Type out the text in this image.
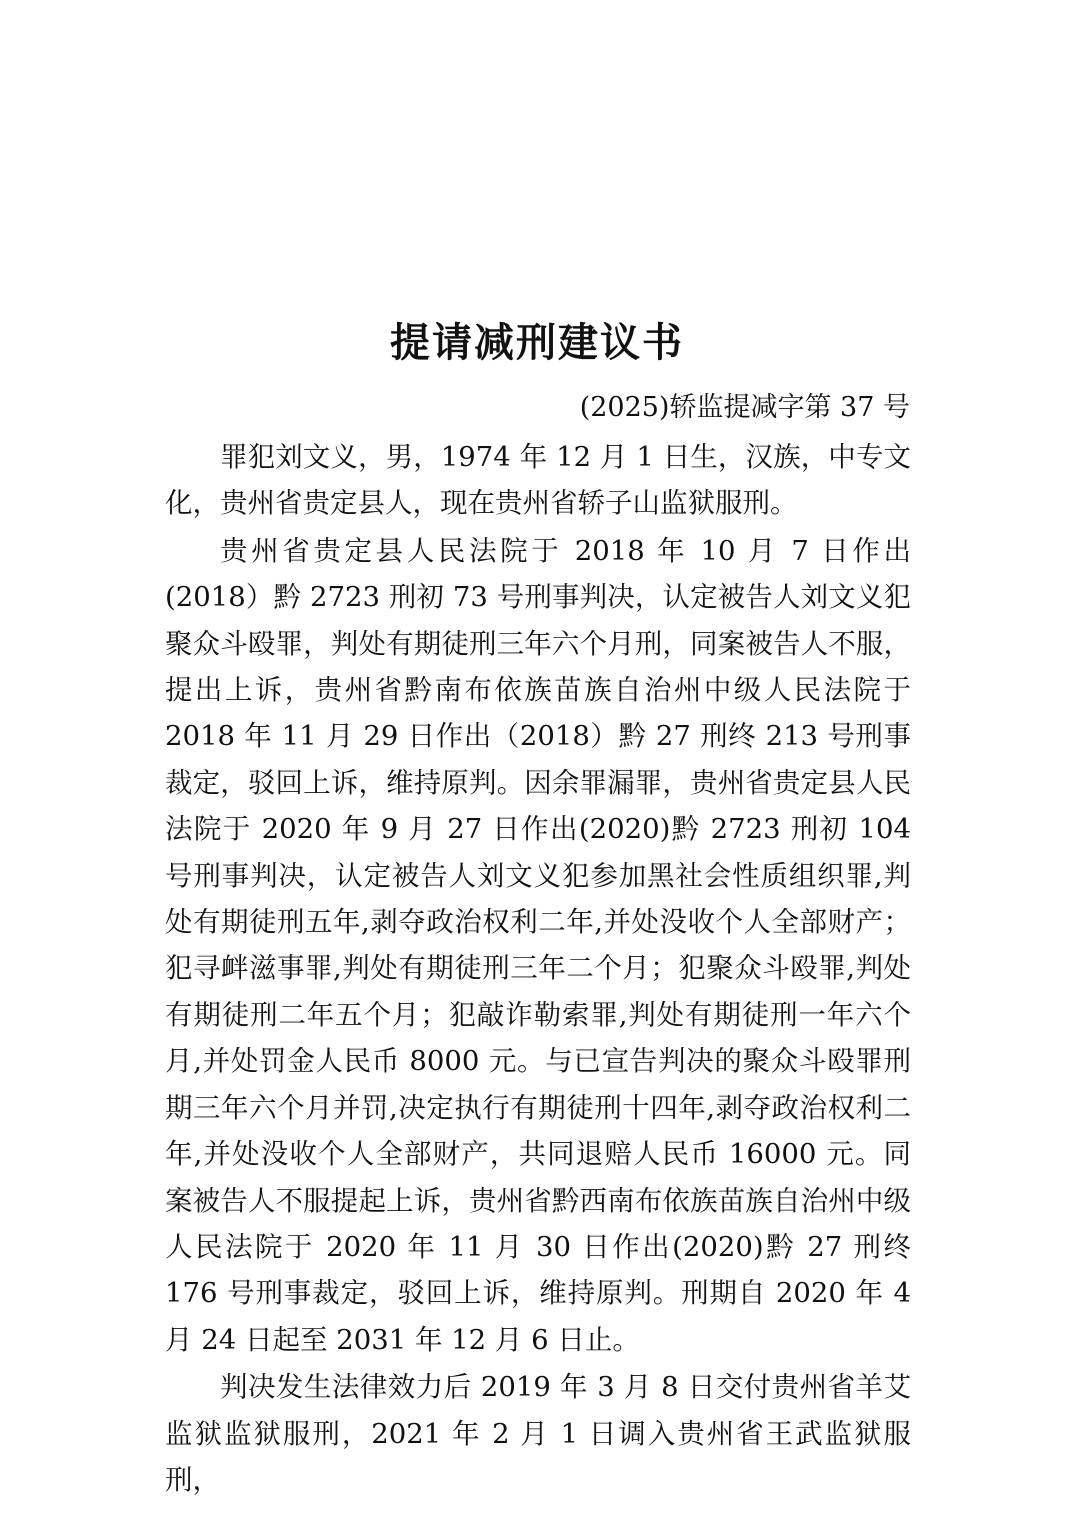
提请减刑建议书
(2025)轿监提减字第 37 号

罪犯刘文义，男，1974 年 12 月 1 日生，汉族，中专文化，贵州省贵定县人，现在贵州省轿子山监狱服刑。

贵州省贵定县人民法院于 2018 年 10 月 7 日作出(2018）黔 2723 刑初 73 号刑事判决，认定被告人刘文义犯聚众斗殴罪，判处有期徒刑三年六个月刑，同案被告人不服，提出上诉，贵州省黔南布依族苗族自治州中级人民法院于 2018 年 11 月 29 日作出（2018）黔 27 刑终 213 号刑事裁定，驳回上诉，维持原判。因余罪漏罪，贵州省贵定县人民法院于 2020 年 9 月 27 日作出(2020)黔 2723 刑初 104 号刑事判决，认定被告人刘文义犯参加黑社会性质组织罪,判处有期徒刑五年,剥夺政治权利二年,并处没收个人全部财产；犯寻衅滋事罪,判处有期徒刑三年二个月；犯聚众斗殴罪,判处有期徒刑二年五个月；犯敲诈勒索罪,判处有期徒刑一年六个月,并处罚金人民币 8000 元。与已宣告判决的聚众斗殴罪刑期三年六个月并罚,决定执行有期徒刑十四年,剥夺政治权利二年,并处没收个人全部财产，共同退赔人民币 16000 元。同案被告人不服提起上诉，贵州省黔西南布依族苗族自治州中级人民法院于 2020 年 11 月 30 日作出(2020)黔 27 刑终 176 号刑事裁定，驳回上诉，维持原判。刑期自 2020 年 4 月 24 日起至 2031 年 12 月 6 日止。

判决发生法律效力后 2019 年 3 月 8 日交付贵州省羊艾监狱监狱服刑，2021 年 2 月 1 日调入贵州省王武监狱服刑，
